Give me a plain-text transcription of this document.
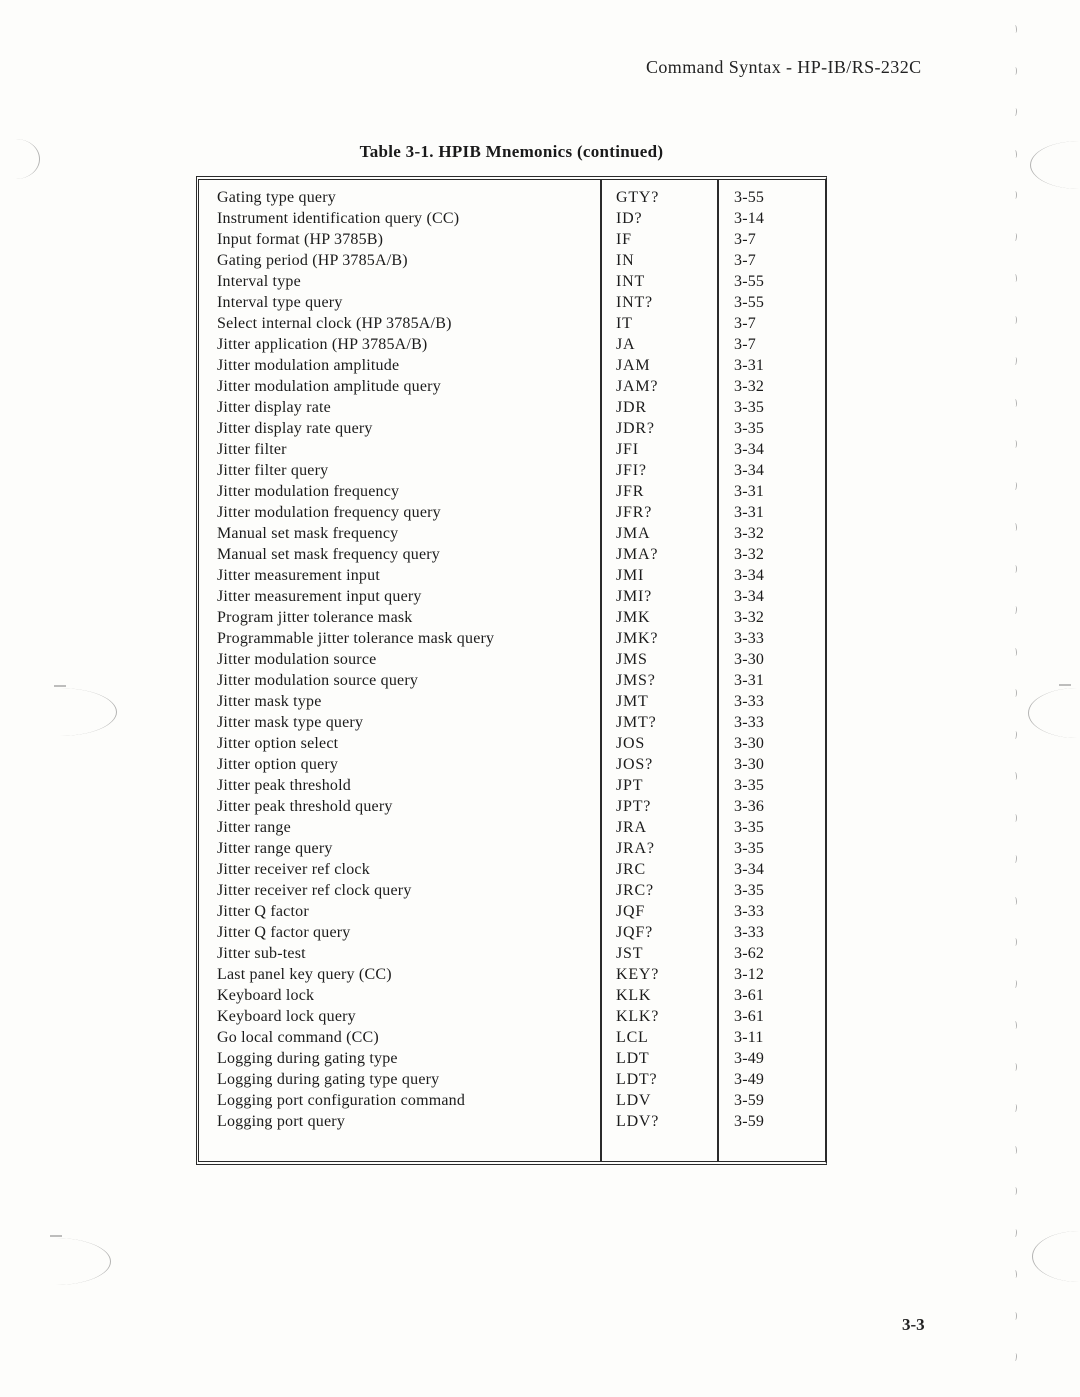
Command Syntax - HP-IB/RS-232C
Table 3-1. HPIB Mnemonics (continued)
Gating type query	GTY?	3-55
Instrument identification query (CC)	ID?	3-14
Input format (HP 3785B)	IF	3-7
Gating period (HP 3785A/B)	IN	3-7
Interval type	INT	3-55
Interval type query	INT?	3-55
Select internal clock (HP 3785A/B)	IT	3-7
Jitter application (HP 3785A/B)	JA	3-7
Jitter modulation amplitude	JAM	3-31
Jitter modulation amplitude query	JAM?	3-32
Jitter display rate	JDR	3-35
Jitter display rate query	JDR?	3-35
Jitter filter	JFI	3-34
Jitter filter query	JFI?	3-34
Jitter modulation frequency	JFR	3-31
Jitter modulation frequency query	JFR?	3-31
Manual set mask frequency	JMA	3-32
Manual set mask frequency query	JMA?	3-32
Jitter measurement input	JMI	3-34
Jitter measurement input query	JMI?	3-34
Program jitter tolerance mask	JMK	3-32
Programmable jitter tolerance mask query	JMK?	3-33
Jitter modulation source	JMS	3-30
Jitter modulation source query	JMS?	3-31
Jitter mask type	JMT	3-33
Jitter mask type query	JMT?	3-33
Jitter option select	JOS	3-30
Jitter option query	JOS?	3-30
Jitter peak threshold	JPT	3-35
Jitter peak threshold query	JPT?	3-36
Jitter range	JRA	3-35
Jitter range query	JRA?	3-35
Jitter receiver ref clock	JRC	3-34
Jitter receiver ref clock query	JRC?	3-35
Jitter Q factor	JQF	3-33
Jitter Q factor query	JQF?	3-33
Jitter sub-test	JST	3-62
Last panel key query (CC)	KEY?	3-12
Keyboard lock	KLK	3-61
Keyboard lock query	KLK?	3-61
Go local command (CC)	LCL	3-11
Logging during gating type	LDT	3-49
Logging during gating type query	LDT?	3-49
Logging port configuration command	LDV	3-59
Logging port query	LDV?	3-59
3-3
